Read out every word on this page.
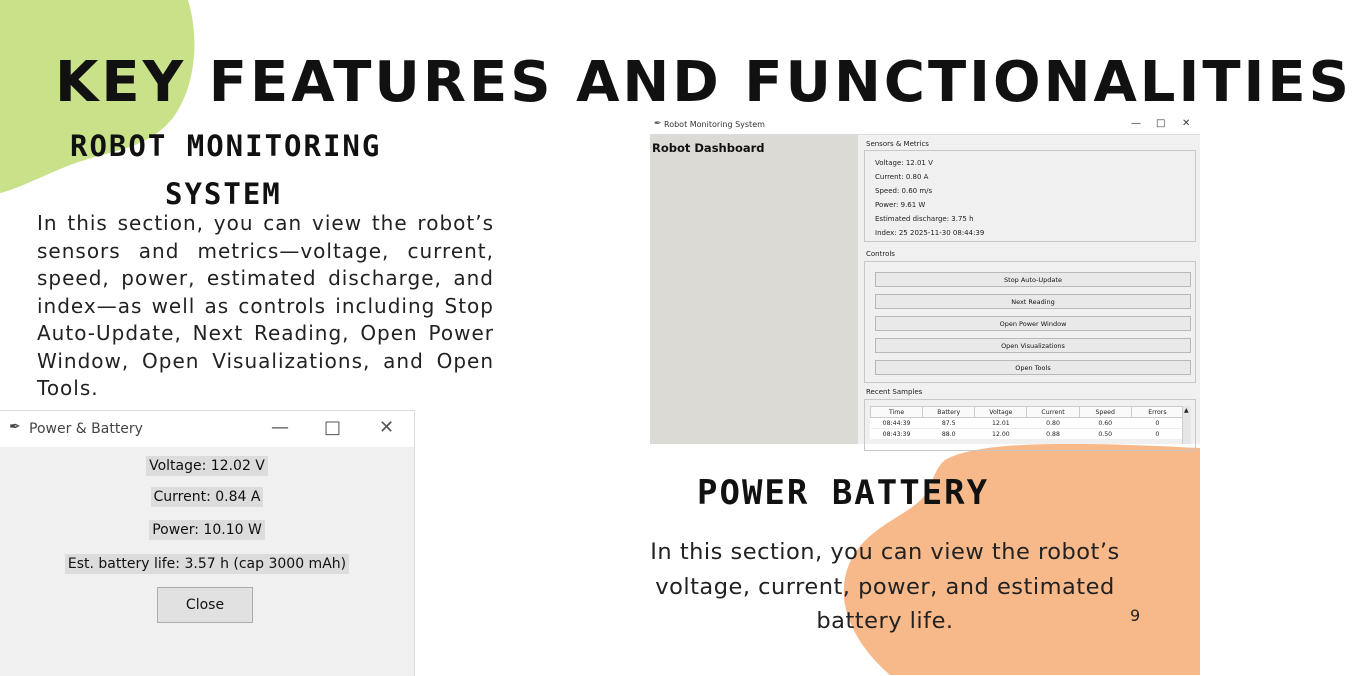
KEY FEATURES AND FUNCTIONALITIES
ROBOT MONITORING
SYSTEM

In this section, you can view the robot’s sensors and metrics—voltage, current, speed, power, estimated discharge, and index—as well as controls including Stop Auto-Update, Next Reading, Open Power Window, Open Visualizations, and Open Tools.

POWER BATTERY

In this section, you can view the robot’s voltage, current, power, and estimated battery life.	9
✒ Robot Monitoring System	— □ ✕
Robot Dashboard	Sensors & Metrics
Voltage: 12.01 V
Current: 0.80 A
Speed: 0.60 m/s
Power: 9.61 W
Estimated discharge: 3.75 h
Index: 25 2025-11-30 08:44:39
Controls
Stop Auto-Update
Next Reading
Open Power Window
Open Visualizations
Open Tools
Recent Samples
Time	Battery	Voltage	Current	Speed	Errors
08:44:39	87.5	12.01	0.80	0.60	0
08:43:39	88.0	12.00	0.88	0.50	0
▲
✒ Power & Battery	— □ ✕
Voltage: 12.02 V
Current: 0.84 A
Power: 10.10 W
Est. battery life: 3.57 h (cap 3000 mAh)
Close
